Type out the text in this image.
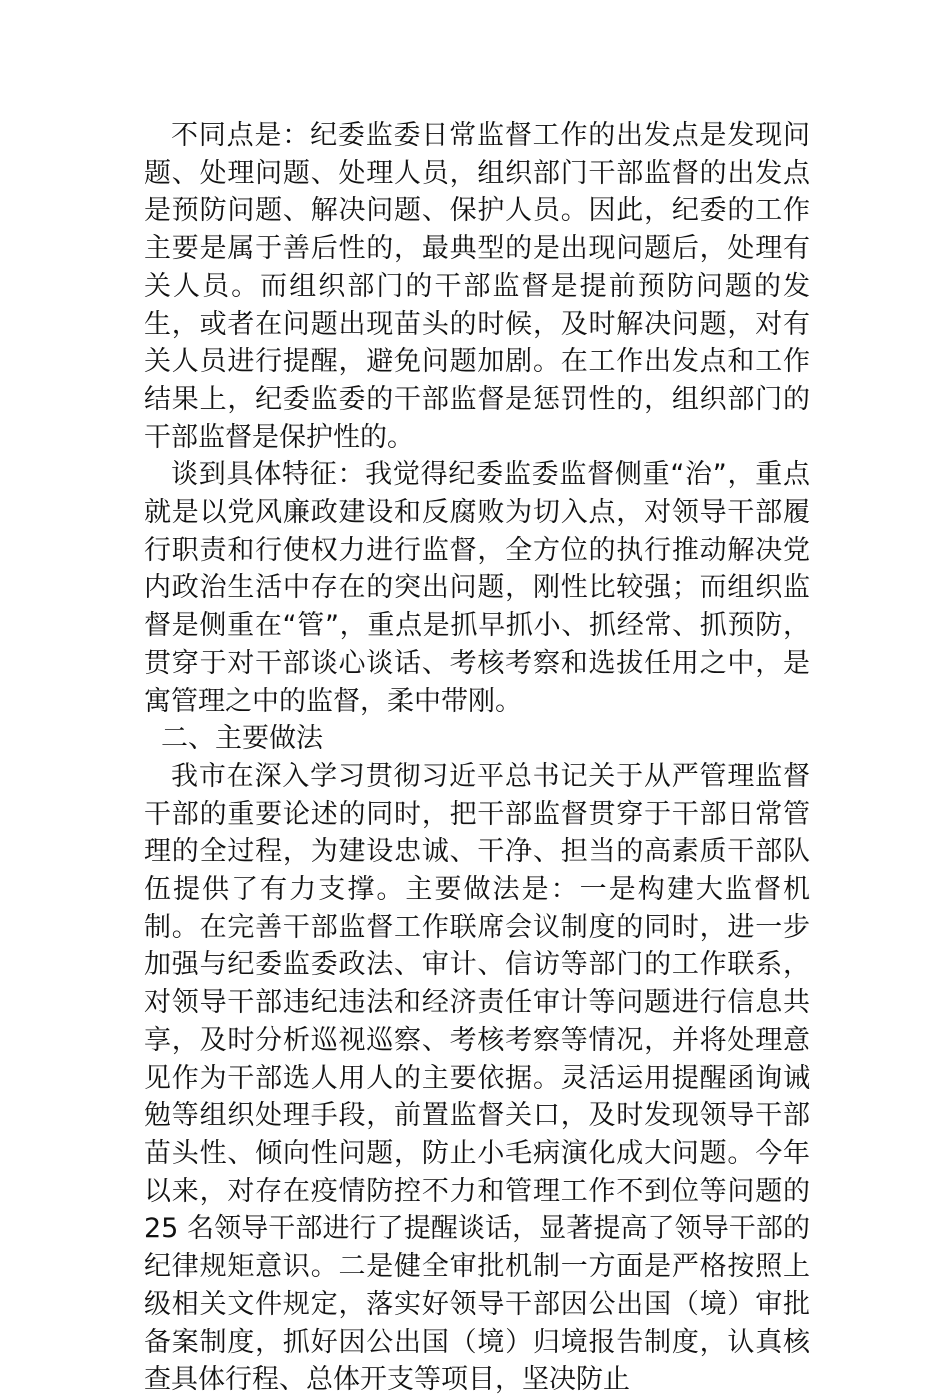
不同点是：纪委监委日常监督工作的出发点是发现问题、处理问题、处理人员，组织部门干部监督的出发点是预防问题、解决问题、保护人员。因此，纪委的工作主要是属于善后性的，最典型的是出现问题后，处理有关人员。而组织部门的干部监督是提前预防问题的发生，或者在问题出现苗头的时候，及时解决问题，对有关人员进行提醒，避免问题加剧。在工作出发点和工作结果上，纪委监委的干部监督是惩罚性的，组织部门的干部监督是保护性的。

谈到具体特征：我觉得纪委监委监督侧重“治”，重点就是以党风廉政建设和反腐败为切入点，对领导干部履行职责和行使权力进行监督，全方位的执行推动解决党内政治生活中存在的突出问题，刚性比较强；而组织监督是侧重在“管”，重点是抓早抓小、抓经常、抓预防，贯穿于对干部谈心谈话、考核考察和选拔任用之中，是寓管理之中的监督，柔中带刚。

二、主要做法

我市在深入学习贯彻习近平总书记关于从严管理监督干部的重要论述的同时，把干部监督贯穿于干部日常管理的全过程，为建设忠诚、干净、担当的高素质干部队伍提供了有力支撑。主要做法是：一是构建大监督机制。在完善干部监督工作联席会议制度的同时，进一步加强与纪委监委政法、审计、信访等部门的工作联系，对领导干部违纪违法和经济责任审计等问题进行信息共享，及时分析巡视巡察、考核考察等情况，并将处理意见作为干部选人用人的主要依据。灵活运用提醒函询诫勉等组织处理手段，前置监督关口，及时发现领导干部苗头性、倾向性问题，防止小毛病演化成大问题。今年以来，对存在疫情防控不力和管理工作不到位等问题的 25 名领导干部进行了提醒谈话，显著提高了领导干部的纪律规矩意识。二是健全审批机制一方面是严格按照上级相关文件规定，落实好领导干部因公出国（境）审批备案制度，抓好因公出国（境）归境报告制度，认真核查具体行程、总体开支等项目，坚决防止
